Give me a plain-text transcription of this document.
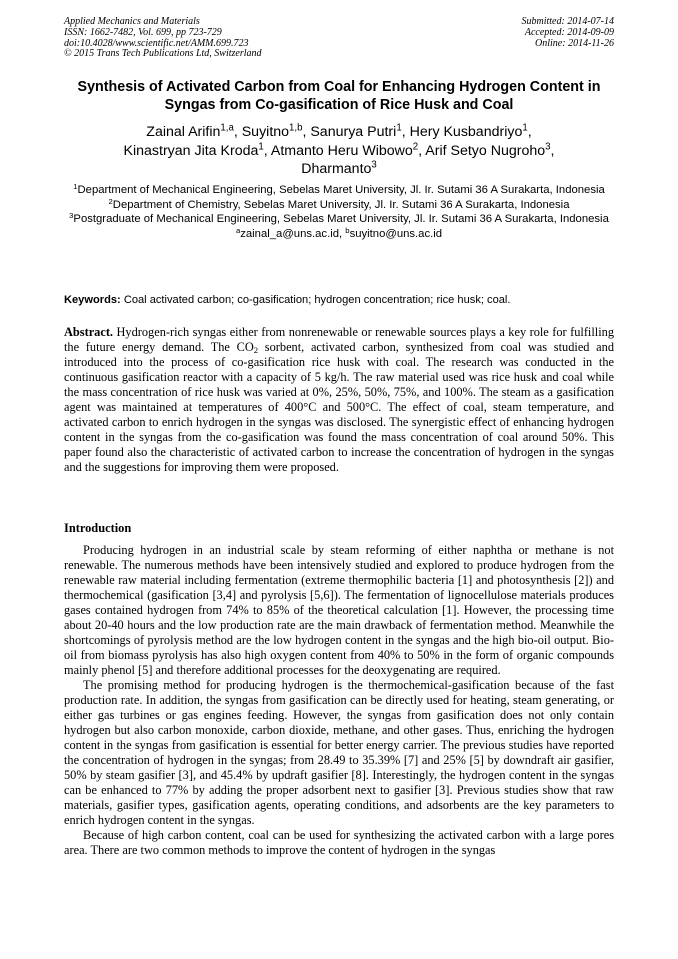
Applied Mechanics and Materials
ISSN: 1662-7482, Vol. 699, pp 723-729
doi:10.4028/www.scientific.net/AMM.699.723
© 2015 Trans Tech Publications Ltd, Switzerland
Submitted: 2014-07-14
Accepted: 2014-09-09
Online: 2014-11-26
Synthesis of Activated Carbon from Coal for Enhancing Hydrogen Content in Syngas from Co-gasification of Rice Husk and Coal
Zainal Arifin$^{1,a}$, Suyitno$^{1,b}$, Sanurya Putri$^1$, Hery Kusbandriyo$^1$,
Kinastryan Jita Kroda$^1$, Atmanto Heru Wibowo$^2$, Arif Setyo Nugroho$^3$,
Dharmanto$^3$
$^1$Department of Mechanical Engineering, Sebelas Maret University, Jl. Ir. Sutami 36 A Surakarta, Indonesia
$^2$Department of Chemistry, Sebelas Maret University, Jl. Ir. Sutami 36 A Surakarta, Indonesia
$^3$Postgraduate of Mechanical Engineering, Sebelas Maret University, Jl. Ir. Sutami 36 A Surakarta, Indonesia
$^a$zainal_a@uns.ac.id, $^b$suyitno@uns.ac.id
Keywords: Coal activated carbon; co-gasification; hydrogen concentration; rice husk; coal.
Abstract. Hydrogen-rich syngas either from nonrenewable or renewable sources plays a key role for fulfilling the future energy demand. The $CO_2$ sorbent, activated carbon, synthesized from coal was studied and introduced into the process of co-gasification rice husk with coal. The research was conducted in the continuous gasification reactor with a capacity of 5 kg/h. The raw material used was rice husk and coal while the mass concentration of rice husk was varied at 0%, 25%, 50%, 75%, and 100%. The steam as a gasification agent was maintained at temperatures of 400°C and 500°C. The effect of coal, steam temperature, and activated carbon to enrich hydrogen in the syngas was disclosed. The synergistic effect of enhancing hydrogen content in the syngas from the co-gasification was found the mass concentration of coal around 50%. This paper found also the characteristic of activated carbon to increase the concentration of hydrogen in the syngas and the suggestions for improving them were proposed.
Introduction

Producing hydrogen in an industrial scale by steam reforming of either naphtha or methane is not renewable. The numerous methods have been intensively studied and explored to produce hydrogen from the renewable raw material including fermentation (extreme thermophilic bacteria [1] and photosynthesis [2]) and thermochemical (gasification [3,4] and pyrolysis [5,6]). The fermentation of lignocellulose materials produces gases contained hydrogen from 74% to 85% of the theoretical calculation [1]. However, the processing time about 20-40 hours and the low production rate are the main drawback of fermentation method. Meanwhile the shortcomings of pyrolysis method are the low hydrogen content in the syngas and the high bio-oil output. Bio-oil from biomass pyrolysis has also high oxygen content from 40% to 50% in the form of organic compounds mainly phenol [5] and therefore additional processes for the deoxygenating are required.

The promising method for producing hydrogen is the thermochemical-gasification because of the fast production rate. In addition, the syngas from gasification can be directly used for heating, steam generating, or either gas turbines or gas engines feeding. However, the syngas from gasification does not only contain hydrogen but also carbon monoxide, carbon dioxide, methane, and other gases. Thus, enriching the hydrogen content in the syngas from gasification is essential for better energy carrier. The previous studies have reported the concentration of hydrogen in the syngas; from 28.49 to 35.39% [7] and 25% [5] by downdraft air gasifier, 50% by steam gasifier [3], and 45.4% by updraft gasifier [8]. Interestingly, the hydrogen content in the syngas can be enhanced to 77% by adding the proper adsorbent next to gasifier [3]. Previous studies show that raw materials, gasifier types, gasification agents, operating conditions, and adsorbents are the key parameters to enrich hydrogen content in the syngas.

Because of high carbon content, coal can be used for synthesizing the activated carbon with a large pores area. There are two common methods to improve the content of hydrogen in the syngas
